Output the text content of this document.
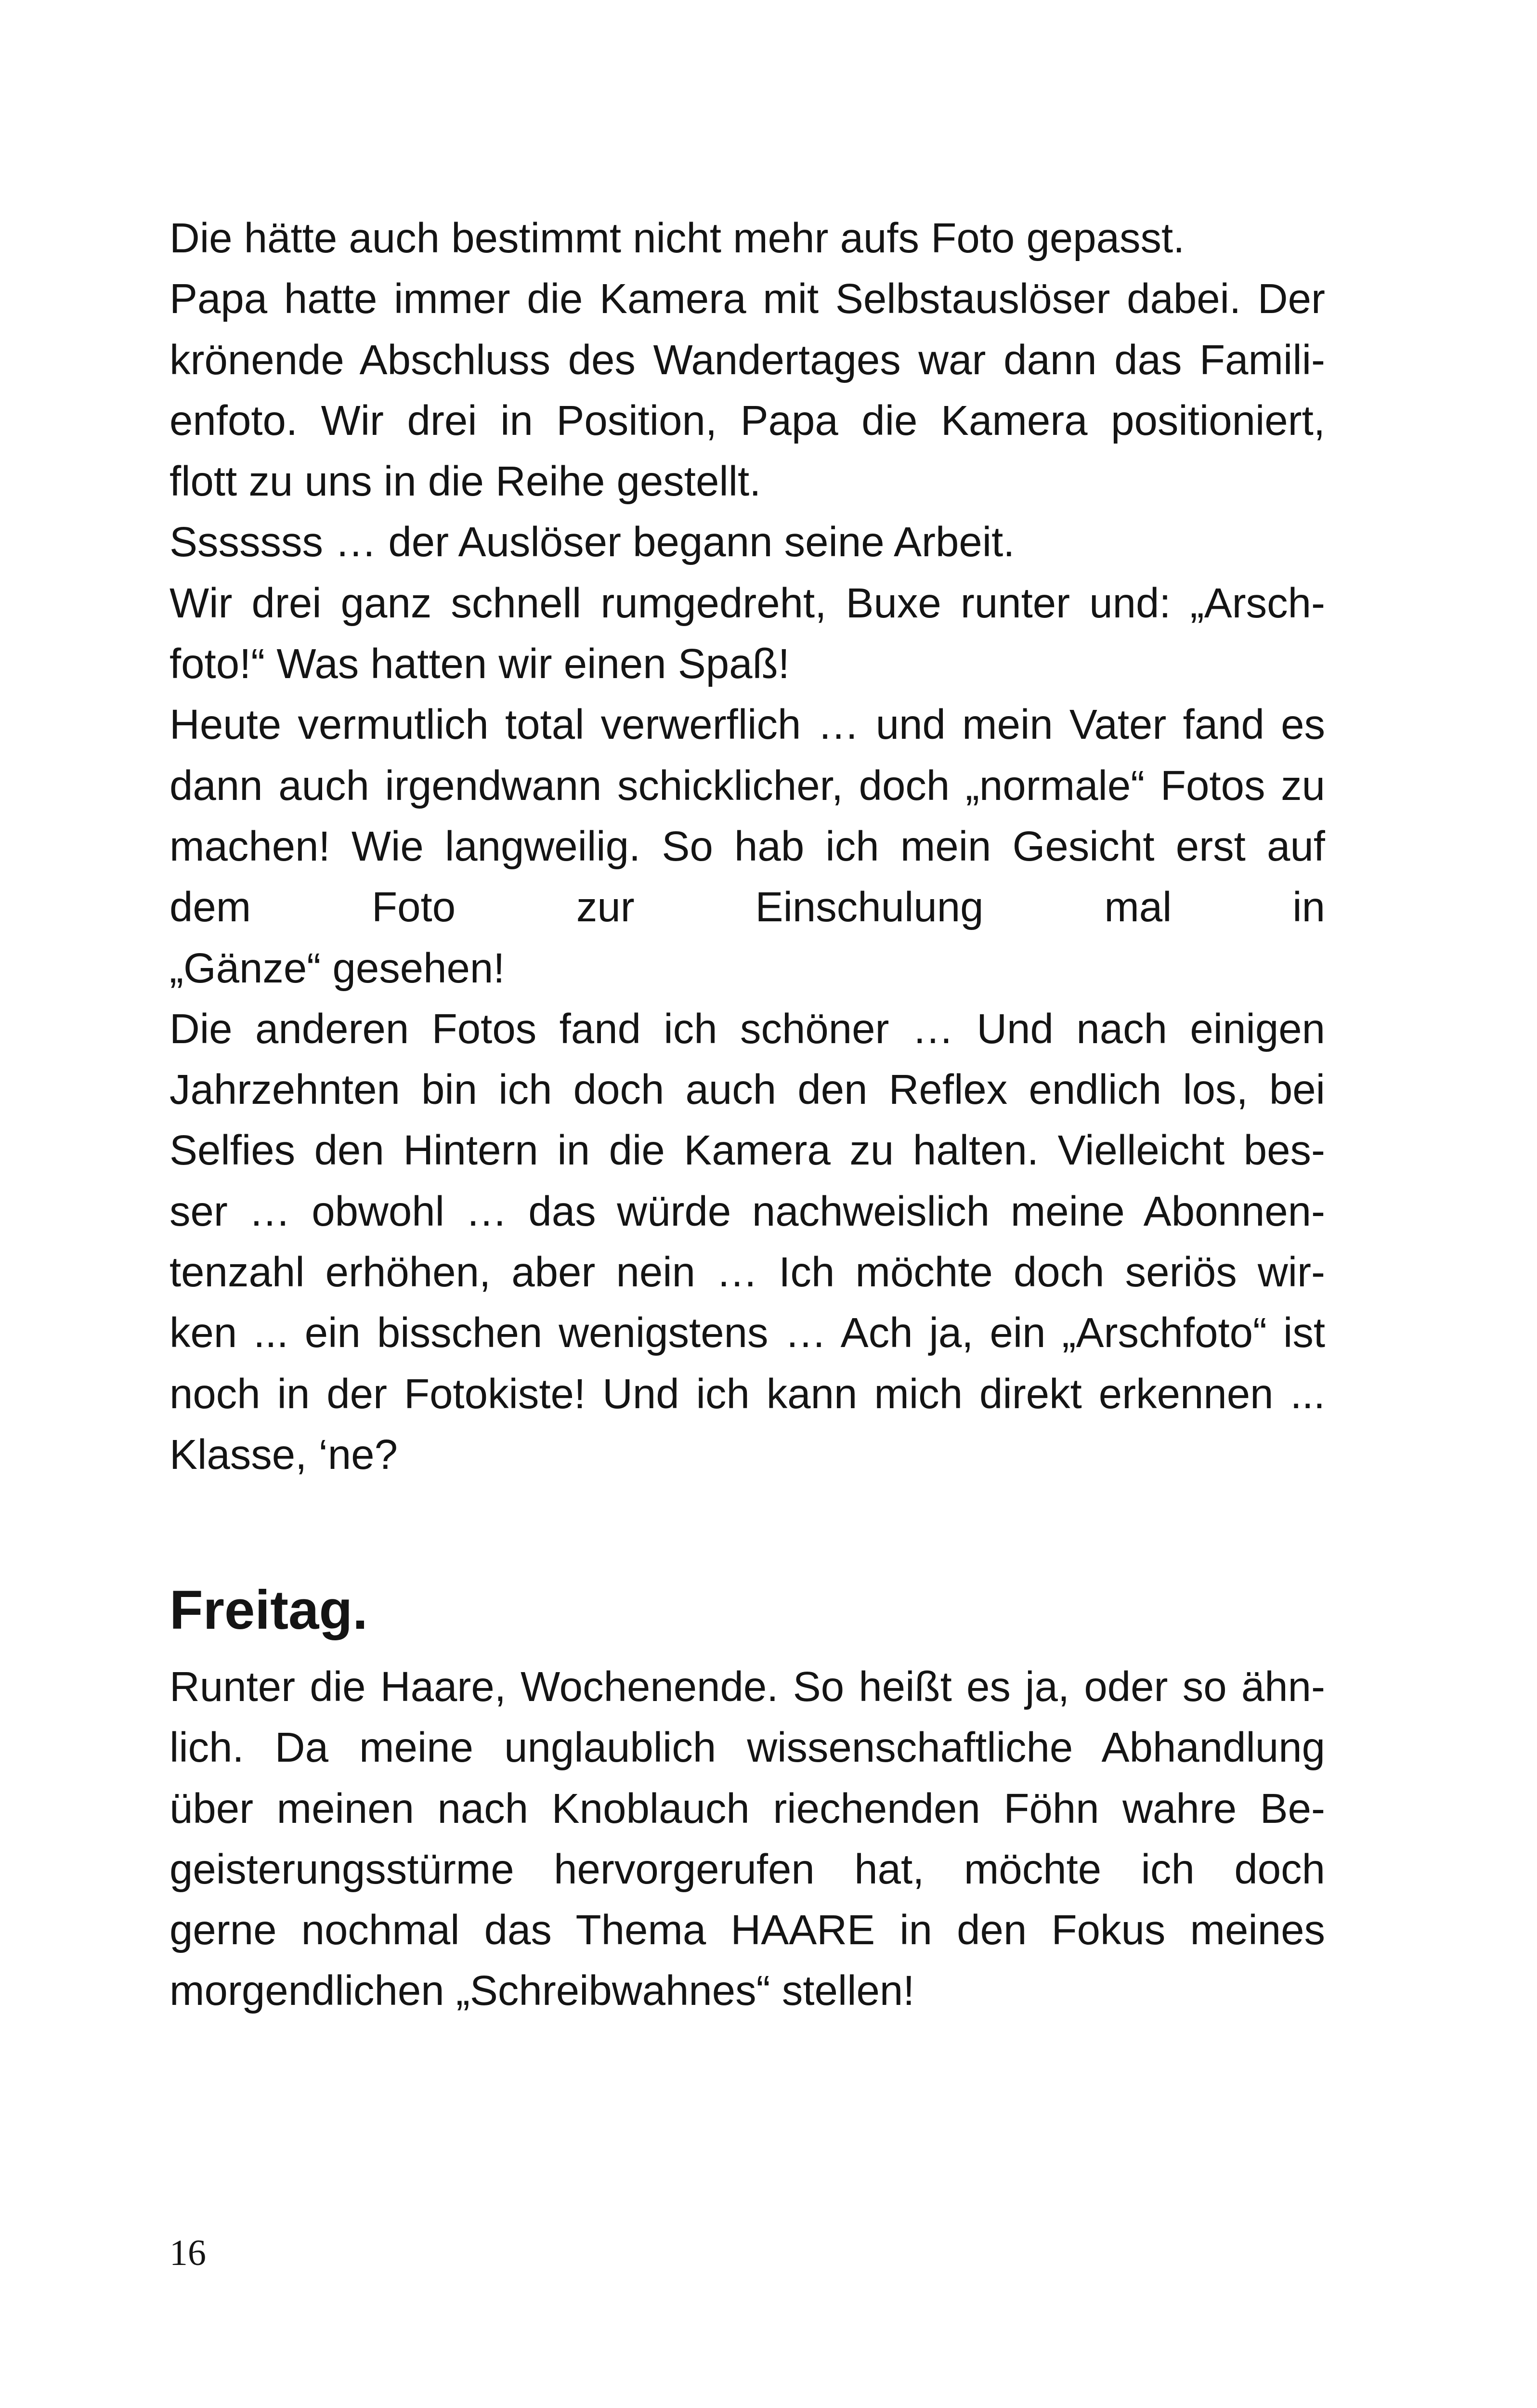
Die hätte auch bestimmt nicht mehr aufs Foto gepasst.
Papa hatte immer die Kamera mit Selbstauslöser dabei. Der
krönende Abschluss des Wandertages war dann das Famili-
enfoto. Wir drei in Position, Papa die Kamera positioniert,
flott zu uns in die Reihe gestellt.
Sssssss … der Auslöser begann seine Arbeit.
Wir drei ganz schnell rumgedreht, Buxe runter und: „Arsch-
foto!“ Was hatten wir einen Spaß!
Heute vermutlich total verwerflich … und mein Vater fand es
dann auch irgendwann schicklicher, doch „normale“ Fotos zu
machen! Wie langweilig. So hab ich mein Gesicht erst auf
dem Foto zur Einschulung mal in
„Gänze“ gesehen!
Die anderen Fotos fand ich schöner … Und nach einigen
Jahrzehnten bin ich doch auch den Reflex endlich los, bei
Selfies den Hintern in die Kamera zu halten. Vielleicht bes-
ser … obwohl … das würde nachweislich meine Abonnen-
tenzahl erhöhen, aber nein … Ich möchte doch seriös wir-
ken ... ein bisschen wenigstens … Ach ja, ein „Arschfoto“ ist
noch in der Fotokiste! Und ich kann mich direkt erkennen ...
Klasse, ‘ne?
Freitag.
Runter die Haare, Wochenende. So heißt es ja, oder so ähn-
lich. Da meine unglaublich wissenschaftliche Abhandlung
über meinen nach Knoblauch riechenden Föhn wahre Be-
geisterungsstürme hervorgerufen hat, möchte ich doch
gerne nochmal das Thema HAARE in den Fokus meines
morgendlichen „Schreibwahnes“ stellen!
16
